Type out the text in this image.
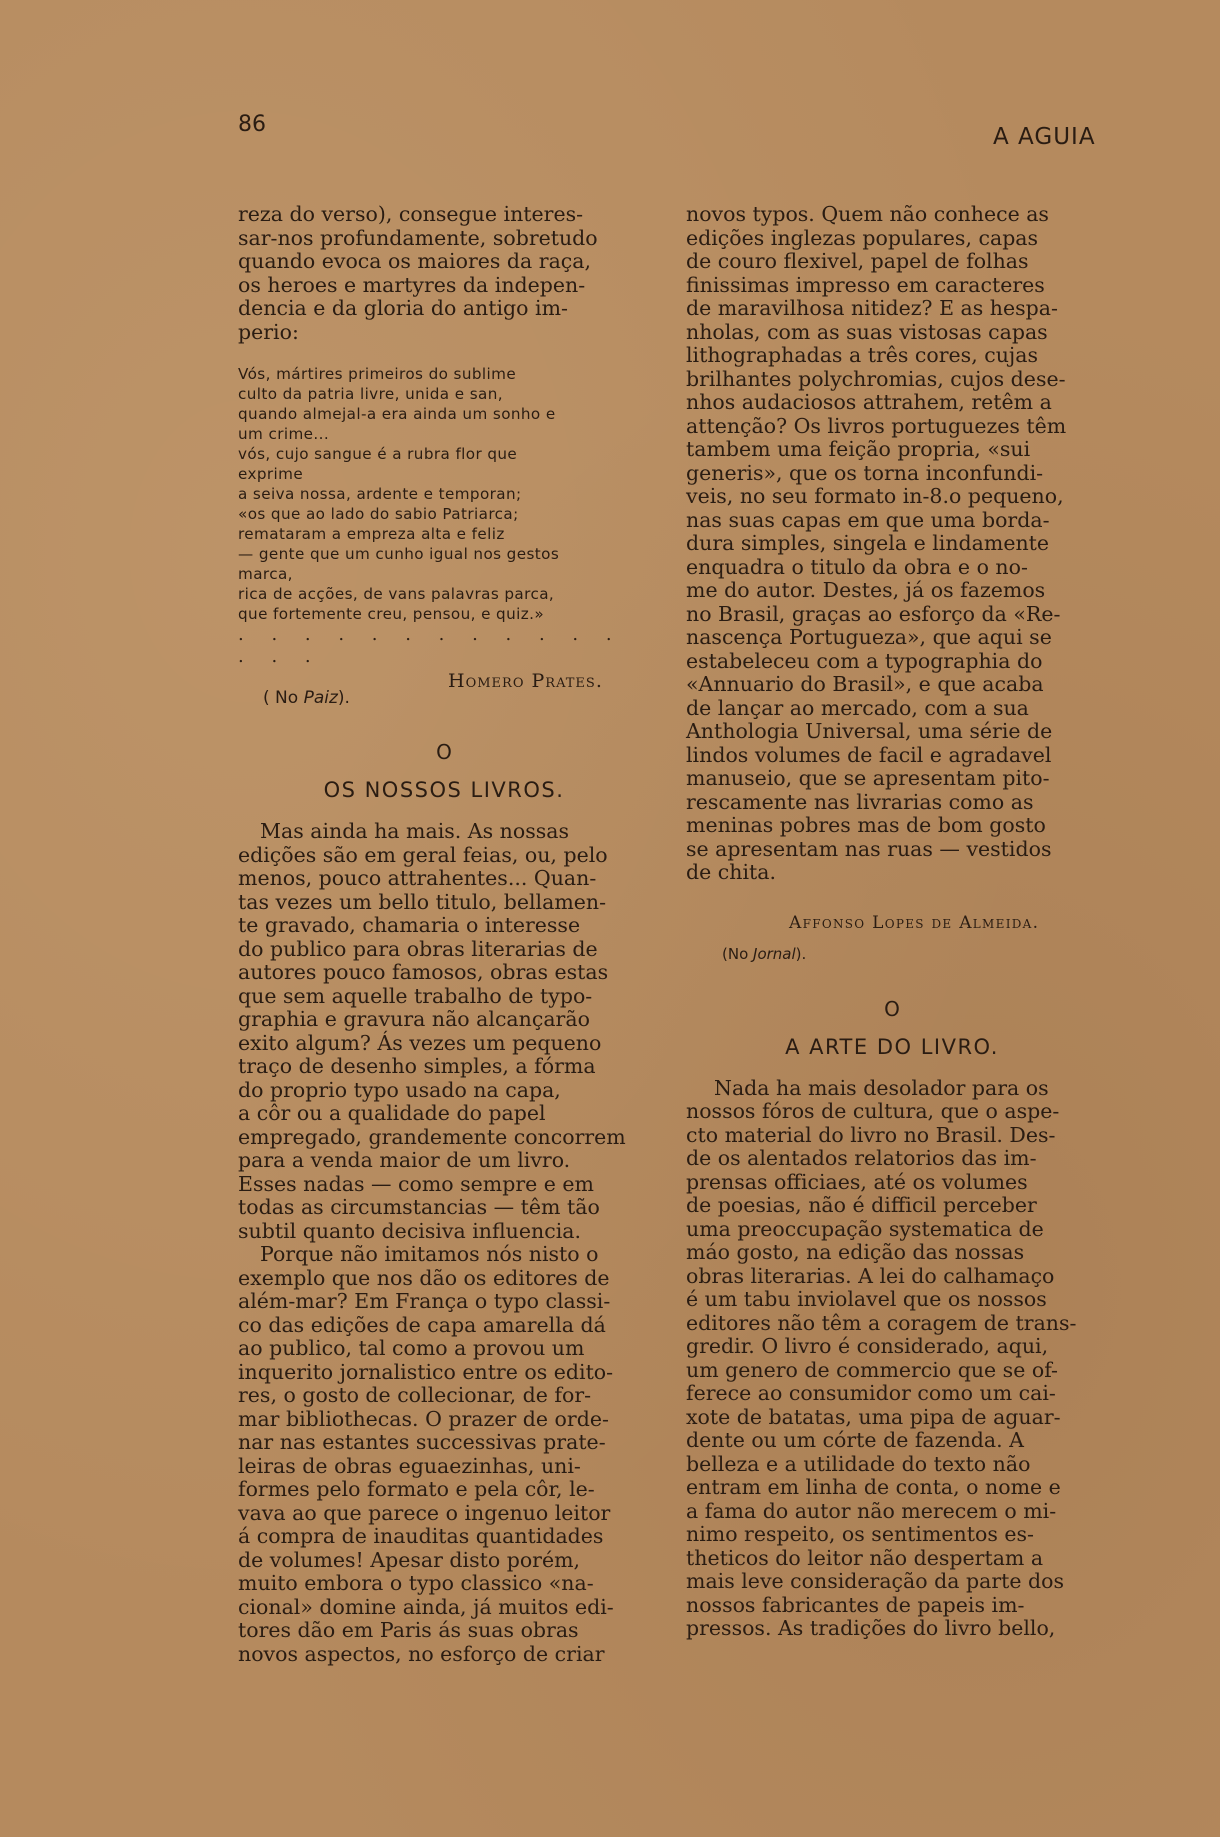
86	A AGUIA

reza do verso), consegue interes-
sar-nos profundamente, sobretudo
quando evoca os maiores da raça,
os heroes e martyres da indepen-
dencia e da gloria do antigo im-
perio:

Vós, mártires primeiros do sublime
culto da patria livre, unida e san,
quando almejal-a era ainda um sonho e
um crime...
vós, cujo sangue é a rubra flor que
exprime
a seiva nossa, ardente e temporan;
«os que ao lado do sabio Patriarca;
remataram a empreza alta e feliz
— gente que um cunho igual nos gestos
marca,
rica de acções, de vans palavras parca,
que fortemente creu, pensou, e quiz.»

. . . . . . . . . . . . . . .

Homero Prates.
( No Paiz).

O

OS NOSSOS LIVROS.

Mas ainda ha mais. As nossas
edições são em geral feias, ou, pelo
menos, pouco attrahentes... Quan-
tas vezes um bello titulo, bellamen-
te gravado, chamaria o interesse
do publico para obras literarias de
autores pouco famosos, obras estas
que sem aquelle trabalho de typo-
graphia e gravura não alcançarão
exito algum? Ás vezes um pequeno
traço de desenho simples, a fórma
do proprio typo usado na capa,
a côr ou a qualidade do papel
empregado, grandemente concorrem
para a venda maior de um livro.
Esses nadas — como sempre e em
todas as circumstancias — têm tão
subtil quanto decisiva influencia.

Porque não imitamos nós nisto o
exemplo que nos dão os editores de
além-mar? Em França o typo classi-
co das edições de capa amarella dá
ao publico, tal como a provou um
inquerito jornalistico entre os edito-
res, o gosto de collecionar, de for-
mar bibliothecas. O prazer de orde-
nar nas estantes successivas prate-
leiras de obras eguaezinhas, uni-
formes pelo formato e pela côr, le-
vava ao que parece o ingenuo leitor
á compra de inauditas quantidades
de volumes! Apesar disto porém,
muito embora o typo classico «na-
cional» domine ainda, já muitos edi-
tores dão em Paris ás suas obras
novos aspectos, no esforço de criar

novos typos. Quem não conhece as
edições inglezas populares, capas
de couro flexivel, papel de folhas
finissimas impresso em caracteres
de maravilhosa nitidez? E as hespa-
nholas, com as suas vistosas capas
lithographadas a três cores, cujas
brilhantes polychromias, cujos dese-
nhos audaciosos attrahem, retêm a
attenção? Os livros portuguezes têm
tambem uma feição propria, «sui
generis», que os torna inconfundi-
veis, no seu formato in-8.o pequeno,
nas suas capas em que uma borda-
dura simples, singela e lindamente
enquadra o titulo da obra e o no-
me do autor. Destes, já os fazemos
no Brasil, graças ao esforço da «Re-
nascença Portugueza», que aqui se
estabeleceu com a typographia do
«Annuario do Brasil», e que acaba
de lançar ao mercado, com a sua
Anthologia Universal, uma série de
lindos volumes de facil e agradavel
manuseio, que se apresentam pito-
rescamente nas livrarias como as
meninas pobres mas de bom gosto
se apresentam nas ruas — vestidos
de chita.

Affonso Lopes de Almeida.

(No Jornal).

O

A ARTE DO LIVRO.

Nada ha mais desolador para os
nossos fóros de cultura, que o aspe-
cto material do livro no Brasil. Des-
de os alentados relatorios das im-
prensas officiaes, até os volumes
de poesias, não é difficil perceber
uma preoccupação systematica de
máo gosto, na edição das nossas
obras literarias. A lei do calhamaço
é um tabu inviolavel que os nossos
editores não têm a coragem de trans-
gredir. O livro é considerado, aqui,
um genero de commercio que se of-
ferece ao consumidor como um cai-
xote de batatas, uma pipa de aguar-
dente ou um córte de fazenda. A
belleza e a utilidade do texto não
entram em linha de conta, o nome e
a fama do autor não merecem o mi-
nimo respeito, os sentimentos es-
theticos do leitor não despertam a
mais leve consideração da parte dos
nossos fabricantes de papeis im-
pressos. As tradições do livro bello,
